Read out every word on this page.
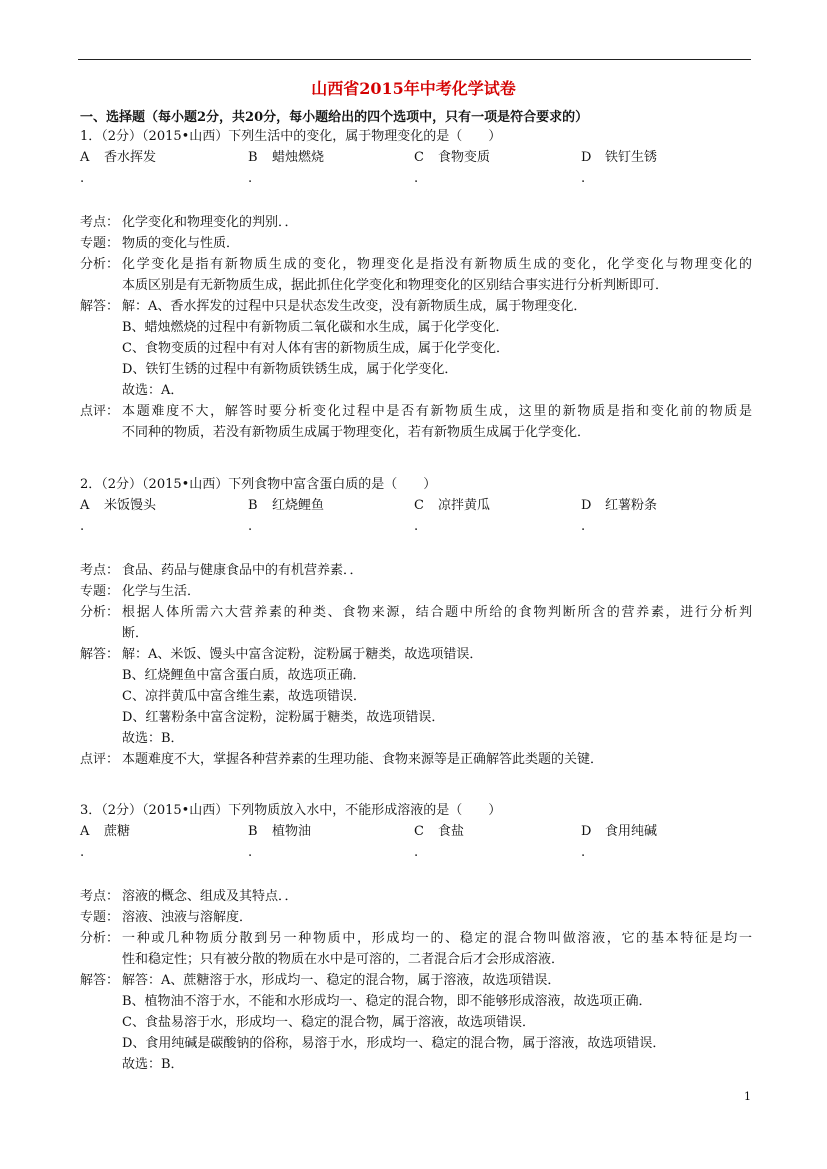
山西省2015年中考化学试卷
一、选择题（每小题2分，共20分，每小题给出的四个选项中，只有一项是符合要求的）
1．（2分）（2015•山西）下列生活中的变化，属于物理变化的是（　　）
A 香水挥发
.
B 蜡烛燃烧
.
C 食物变质
.
D 铁钉生锈
.
考点： 化学变化和物理变化的判别．．
专题： 物质的变化与性质．
分析： 化学变化是指有新物质生成的变化，物理变化是指没有新物质生成的变化，化学变化与物理变化的
本质区别是有无新物质生成，据此抓住化学变化和物理变化的区别结合事实进行分析判断即可．
解答： 解：A、香水挥发的过程中只是状态发生改变，没有新物质生成，属于物理变化．
B、蜡烛燃烧的过程中有新物质二氧化碳和水生成，属于化学变化．
C、食物变质的过程中有对人体有害的新物质生成，属于化学变化．
D、铁钉生锈的过程中有新物质铁锈生成，属于化学变化．
故选：A．
点评： 本题难度不大，解答时要分析变化过程中是否有新物质生成，这里的新物质是指和变化前的物质是
不同种的物质，若没有新物质生成属于物理变化，若有新物质生成属于化学变化．
2．（2分）（2015•山西）下列食物中富含蛋白质的是（　　）
A 米饭馒头
.
B 红烧鲤鱼
.
C 凉拌黄瓜
.
D 红薯粉条
.
考点： 食品、药品与健康食品中的有机营养素．．
专题： 化学与生活．
分析： 根据人体所需六大营养素的种类、食物来源，结合题中所给的食物判断所含的营养素，进行分析判
断．
解答： 解：A、米饭、馒头中富含淀粉，淀粉属于糖类，故选项错误．
B、红烧鲤鱼中富含蛋白质，故选项正确．
C、凉拌黄瓜中富含维生素，故选项错误．
D、红薯粉条中富含淀粉，淀粉属于糖类，故选项错误．
故选：B．
点评： 本题难度不大，掌握各种营养素的生理功能、食物来源等是正确解答此类题的关键．
3．（2分）（2015•山西）下列物质放入水中，不能形成溶液的是（　　）
A 蔗糖
.
B 植物油
.
C 食盐
.
D 食用纯碱
.
考点： 溶液的概念、组成及其特点．．
专题： 溶液、浊液与溶解度．
分析： 一种或几种物质分散到另一种物质中，形成均一的、稳定的混合物叫做溶液，它的基本特征是均一
性和稳定性；只有被分散的物质在水中是可溶的，二者混合后才会形成溶液．
解答： 解答：A、蔗糖溶于水，形成均一、稳定的混合物，属于溶液，故选项错误．
B、植物油不溶于水，不能和水形成均一、稳定的混合物，即不能够形成溶液，故选项正确．
C、食盐易溶于水，形成均一、稳定的混合物，属于溶液，故选项错误．
D、食用纯碱是碳酸钠的俗称，易溶于水，形成均一、稳定的混合物，属于溶液，故选项错误．
故选：B．
1
